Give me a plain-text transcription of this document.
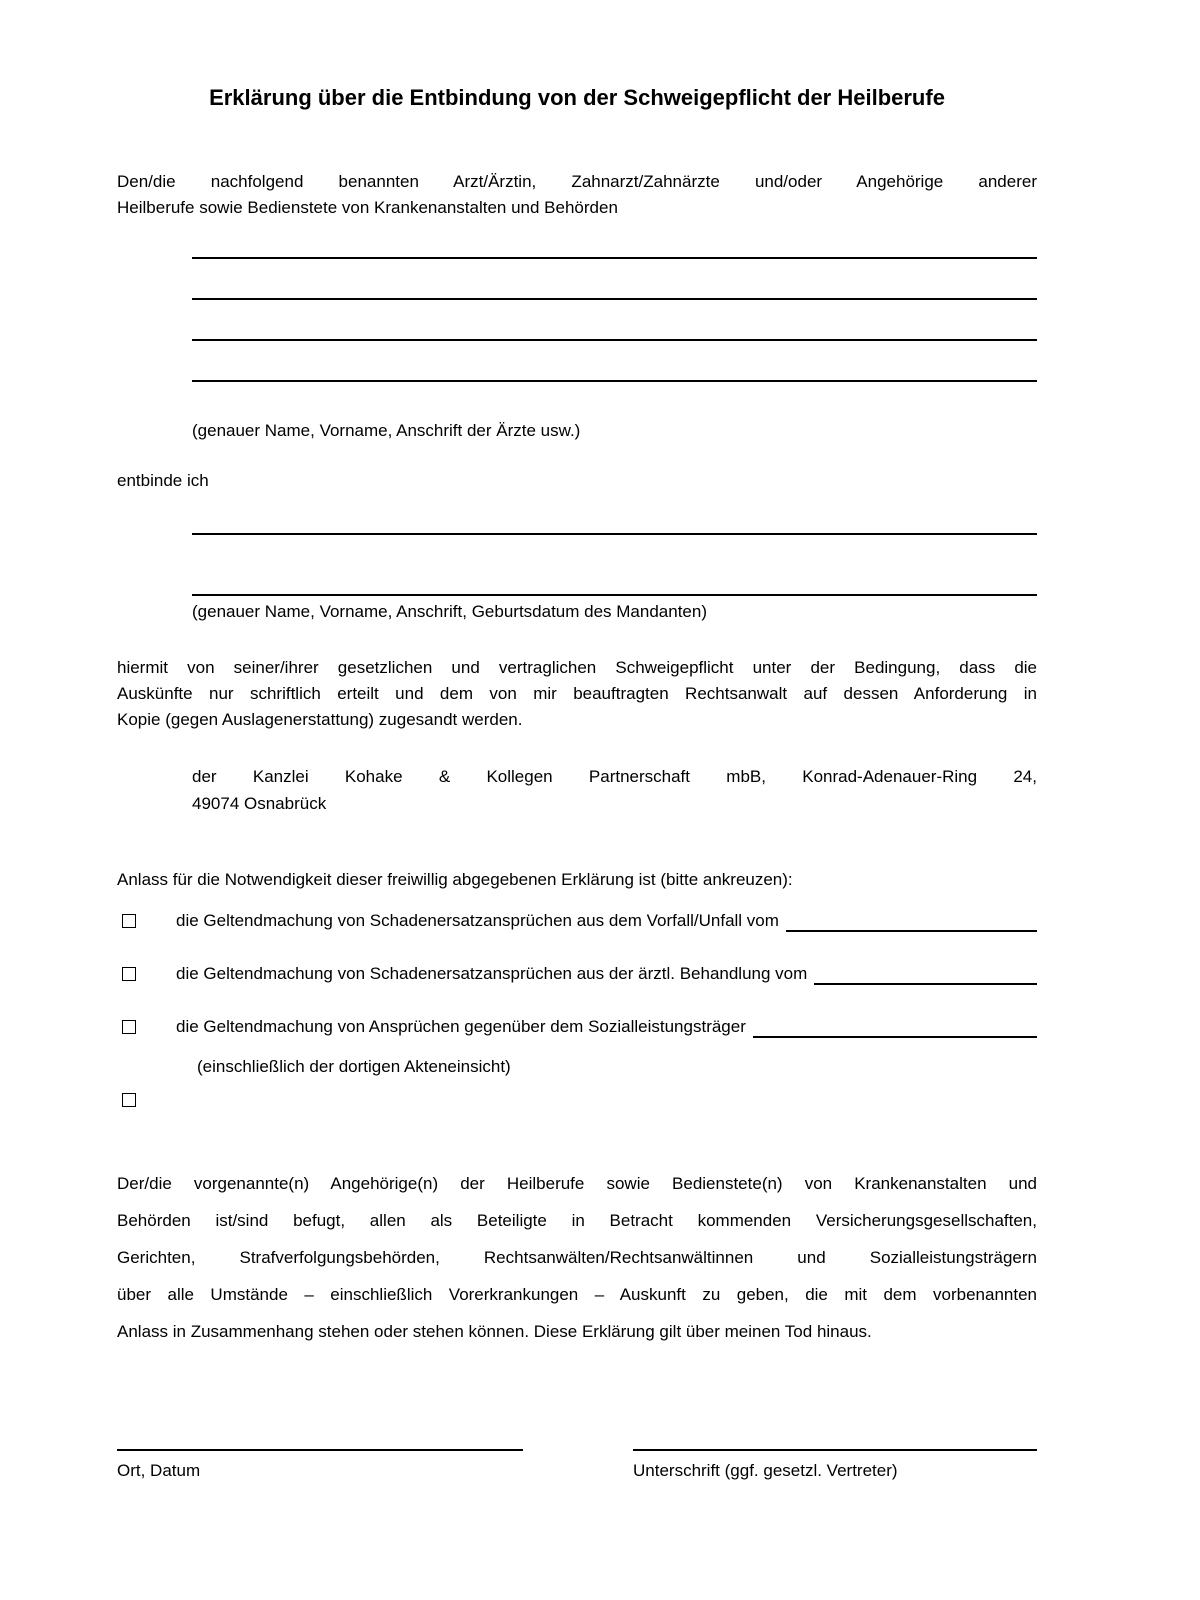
Erklärung über die Entbindung von der Schweigepflicht der Heilberufe
Den/die nachfolgend benannten Arzt/Ärztin, Zahnarzt/Zahnärzte und/oder Angehörige anderer
Heilberufe sowie Bedienstete von Krankenanstalten und Behörden
(genauer Name, Vorname, Anschrift der Ärzte usw.)
entbinde ich
(genauer Name, Vorname, Anschrift, Geburtsdatum des Mandanten)
hiermit von seiner/ihrer gesetzlichen und vertraglichen Schweigepflicht unter der Bedingung, dass die
Auskünfte nur schriftlich erteilt und dem von mir beauftragten Rechtsanwalt auf dessen Anforderung in
Kopie (gegen Auslagenerstattung) zugesandt werden.
der Kanzlei Kohake & Kollegen Partnerschaft mbB, Konrad-Adenauer-Ring 24,
49074 Osnabrück
Anlass für die Notwendigkeit dieser freiwillig abgegebenen Erklärung ist (bitte ankreuzen):
die Geltendmachung von Schadenersatzansprüchen aus dem Vorfall/Unfall vom
die Geltendmachung von Schadenersatzansprüchen aus der ärztl. Behandlung vom
die Geltendmachung von Ansprüchen gegenüber dem Sozialleistungsträger
(einschließlich der dortigen Akteneinsicht)
Der/die vorgenannte(n) Angehörige(n) der Heilberufe sowie Bedienstete(n) von Krankenanstalten und
Behörden ist/sind befugt, allen als Beteiligte in Betracht kommenden Versicherungsgesellschaften,
Gerichten, Strafverfolgungsbehörden, Rechtsanwälten/Rechtsanwältinnen und Sozialleistungsträgern
über alle Umstände – einschließlich Vorerkrankungen – Auskunft zu geben, die mit dem vorbenannten
Anlass in Zusammenhang stehen oder stehen können. Diese Erklärung gilt über meinen Tod hinaus.
Ort, Datum	Unterschrift (ggf. gesetzl. Vertreter)
